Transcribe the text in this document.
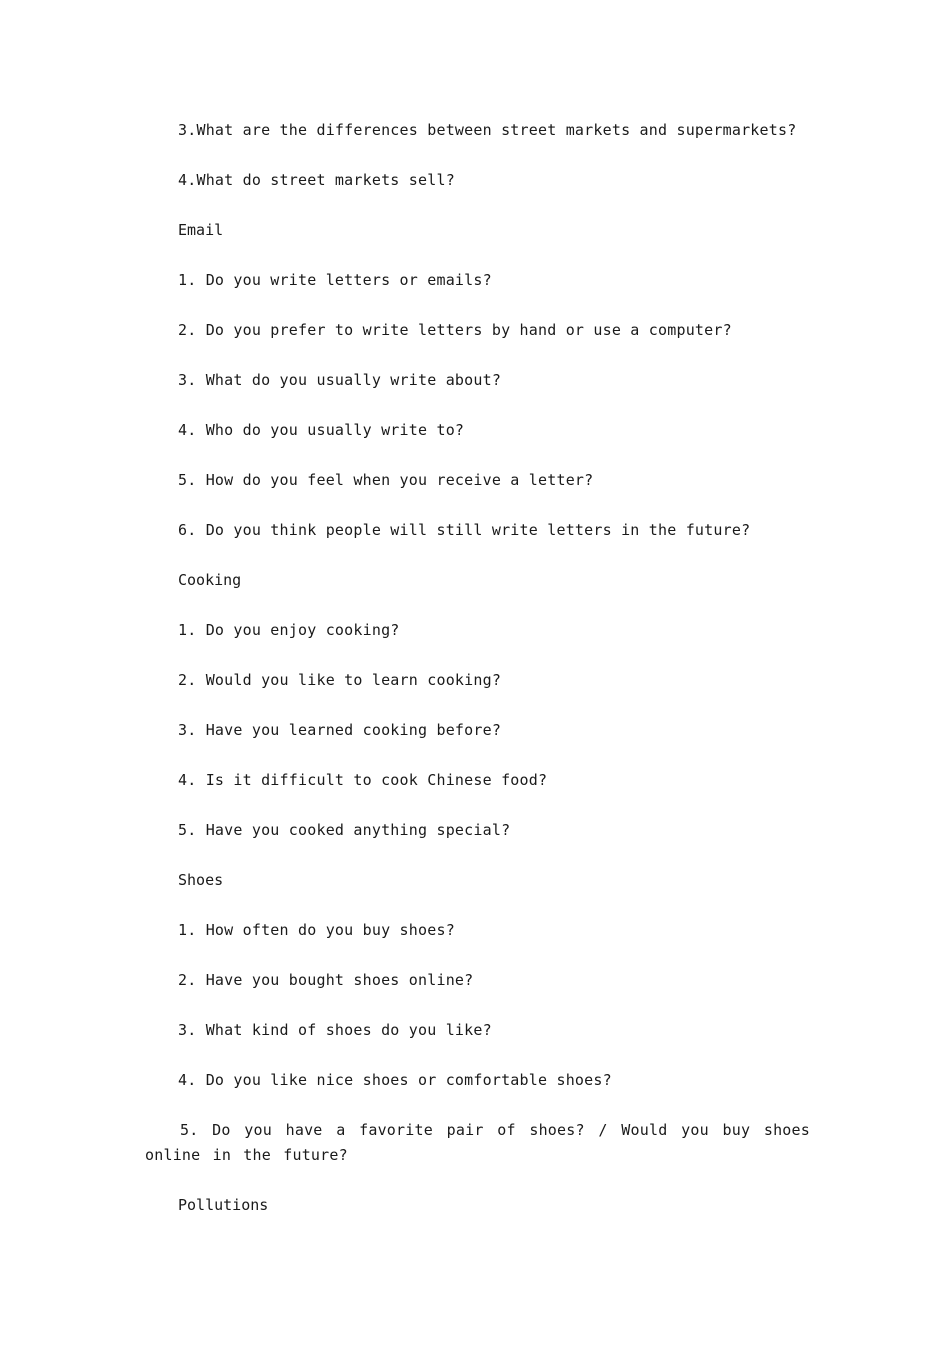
3.What are the differences between street markets and supermarkets?
4.What do street markets sell?
Email
1. Do you write letters or emails?
2. Do you prefer to write letters by hand or use a computer?
3. What do you usually write about?
4. Who do you usually write to?
5. How do you feel when you receive a letter?
6. Do you think people will still write letters in the future?
Cooking
1. Do you enjoy cooking?
2. Would you like to learn cooking?
3. Have you learned cooking before?
4. Is it difficult to cook Chinese food?
5. Have you cooked anything special?
Shoes
1. How often do you buy shoes?
2. Have you bought shoes online?
3. What kind of shoes do you like?
4. Do you like nice shoes or comfortable shoes?
5. Do you have a favorite pair of shoes? / Would you buy shoes online in the future?
Pollutions
